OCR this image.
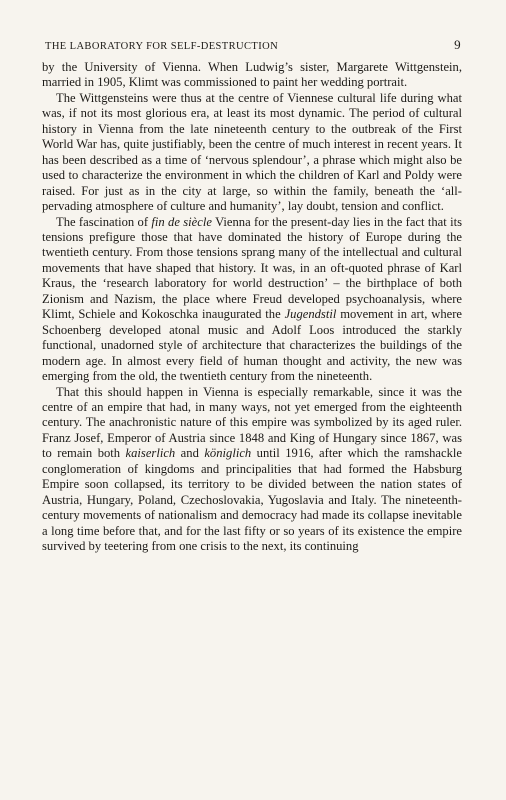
THE LABORATORY FOR SELF-DESTRUCTION	9

by the University of Vienna. When Ludwig’s sister, Margarete Wittgenstein, married in 1905, Klimt was commissioned to paint her wedding portrait.

The Wittgensteins were thus at the centre of Viennese cultural life during what was, if not its most glorious era, at least its most dynamic. The period of cultural history in Vienna from the late nineteenth century to the outbreak of the First World War has, quite justifiably, been the centre of much interest in recent years. It has been described as a time of ‘nervous splendour’, a phrase which might also be used to characterize the environment in which the children of Karl and Poldy were raised. For just as in the city at large, so within the family, beneath the ‘all-pervading atmosphere of culture and humanity’, lay doubt, tension and conflict.

The fascination of fin de siècle Vienna for the present-day lies in the fact that its tensions prefigure those that have dominated the history of Europe during the twentieth century. From those tensions sprang many of the intellectual and cultural movements that have shaped that history. It was, in an oft-quoted phrase of Karl Kraus, the ‘research laboratory for world destruction’ – the birthplace of both Zionism and Nazism, the place where Freud developed psychoanalysis, where Klimt, Schiele and Kokoschka inaugurated the Jugendstil movement in art, where Schoenberg developed atonal music and Adolf Loos introduced the starkly functional, unadorned style of architecture that characterizes the buildings of the modern age. In almost every field of human thought and activity, the new was emerging from the old, the twentieth century from the nineteenth.

That this should happen in Vienna is especially remarkable, since it was the centre of an empire that had, in many ways, not yet emerged from the eighteenth century. The anachronistic nature of this empire was symbolized by its aged ruler. Franz Josef, Emperor of Austria since 1848 and King of Hungary since 1867, was to remain both kaiserlich and königlich until 1916, after which the ramshackle conglomeration of kingdoms and principalities that had formed the Habsburg Empire soon collapsed, its territory to be divided between the nation states of Austria, Hungary, Poland, Czechoslovakia, Yugoslavia and Italy. The nineteenth-century movements of nationalism and democracy had made its collapse inevitable a long time before that, and for the last fifty or so years of its existence the empire survived by teetering from one crisis to the next, its continuing
